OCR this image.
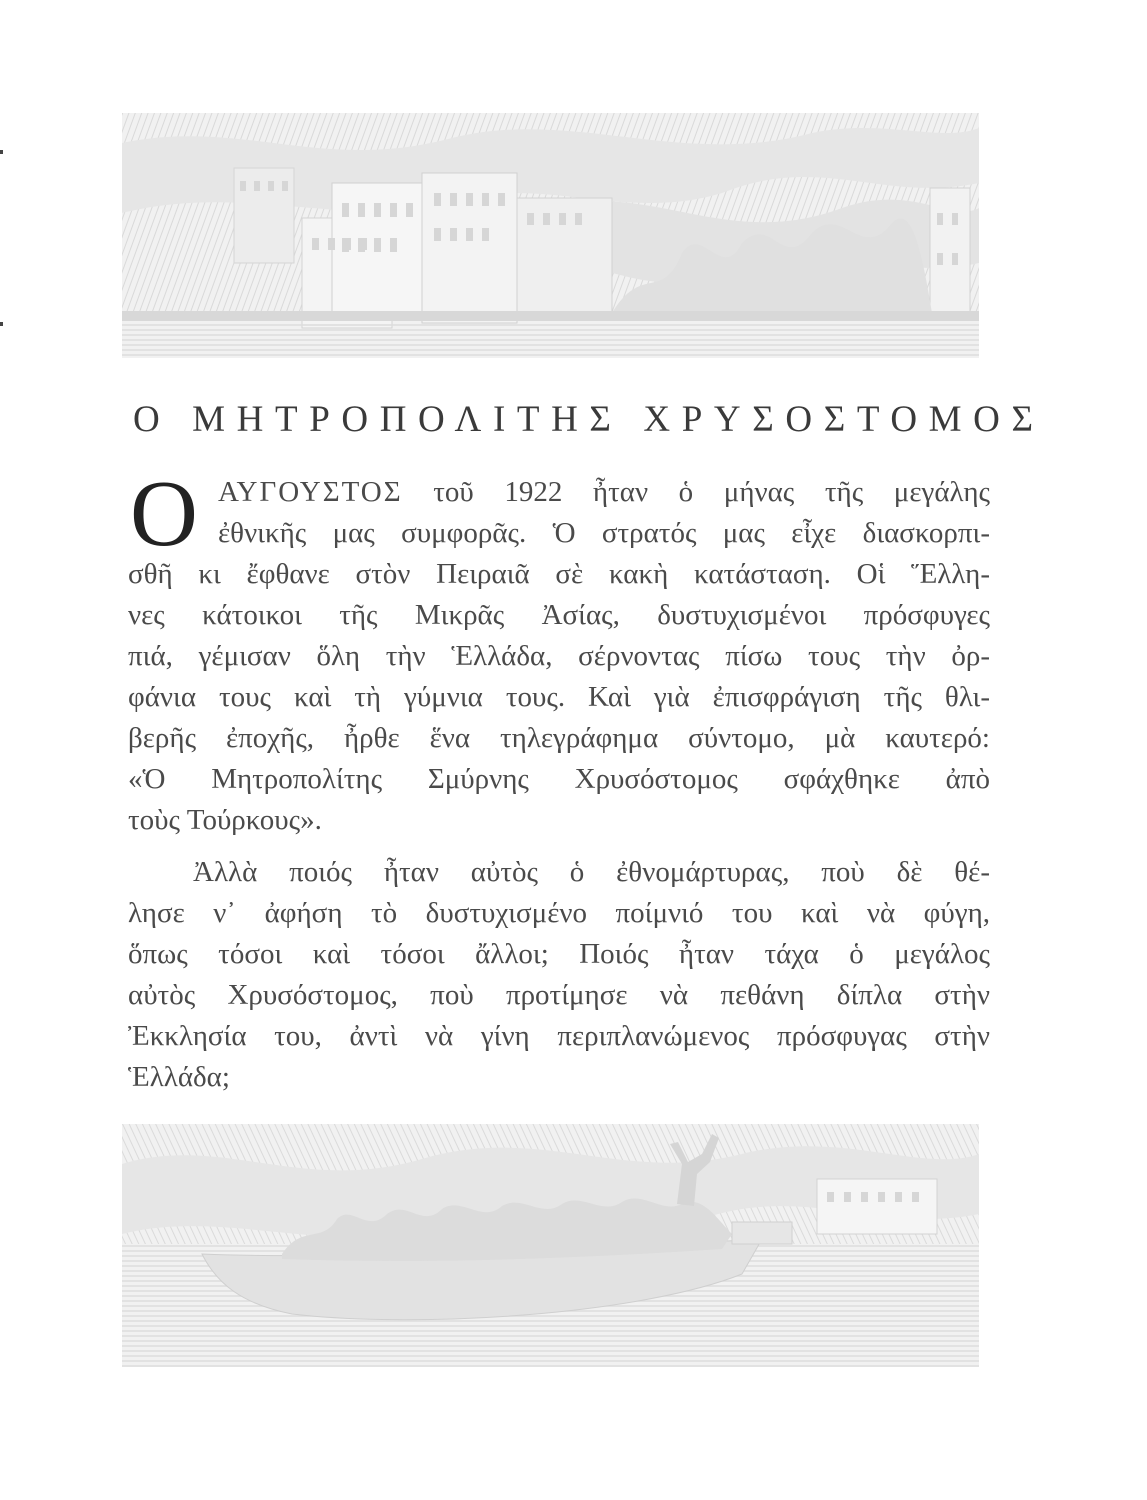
Ο ΜΗΤΡΟΠΟΛΙΤΗΣ ΧΡΥΣΟΣΤΟΜΟΣ
Ο ΑΥΓΟΥΣΤΟΣ τοῦ 1922 ἦταν ὁ μήνας τῆς μεγάλης
ἐθνικῆς μας συμφορᾶς. Ὁ στρατός μας εἶχε διασκορπι-
σθῆ κι ἔφθανε στὸν Πειραιᾶ σὲ κακὴ κατάσταση. Οἱ Ἕλλη-
νες κάτοικοι τῆς Μικρᾶς Ἀσίας, δυστυχισμένοι πρόσφυγες
πιά, γέμισαν ὅλη τὴν Ἑλλάδα, σέρνοντας πίσω τους τὴν ὀρ-
φάνια τους καὶ τὴ γύμνια τους. Καὶ γιὰ ἐπισφράγιση τῆς θλι-
βερῆς ἐποχῆς, ἦρθε ἕνα τηλεγράφημα σύντομο, μὰ καυτερό:
«Ὁ Μητροπολίτης Σμύρνης Χρυσόστομος σφάχθηκε ἀπὸ
τοὺς Τούρκους».
Ἀλλὰ ποιός ἦταν αὐτὸς ὁ ἐθνομάρτυρας, ποὺ δὲ θέ-
λησε ν᾿ ἀφήση τὸ δυστυχισμένο ποίμνιό του καὶ νὰ φύγη,
ὅπως τόσοι καὶ τόσοι ἄλλοι; Ποιός ἦταν τάχα ὁ μεγάλος
αὐτὸς Χρυσόστομος, ποὺ προτίμησε νὰ πεθάνη δίπλα στὴν
Ἐκκλησία του, ἀντὶ νὰ γίνη περιπλανώμενος πρόσφυγας στὴν
Ἑλλάδα;
